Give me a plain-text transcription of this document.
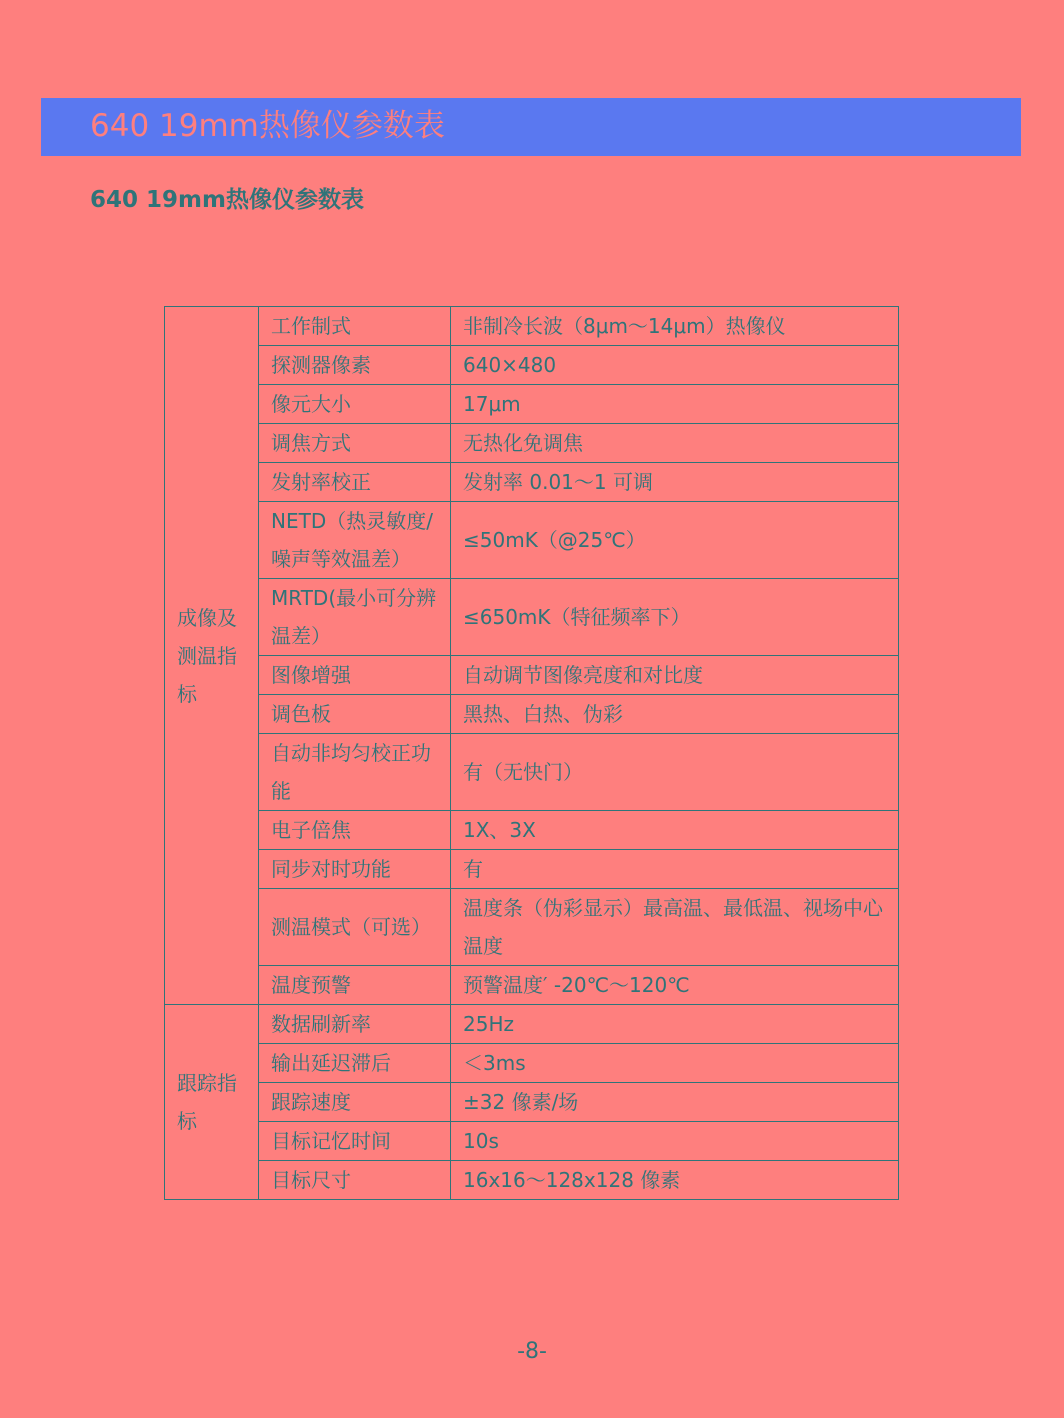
640 19mm热像仪参数表
640 19mm热像仪参数表
成像及测温指标	工作制式	非制冷长波（8μm～14μm）热像仪
	探测器像素	640×480
	像元大小	17μm
	调焦方式	无热化免调焦
	发射率校正	发射率 0.01～1 可调
	NETD（热灵敏度/噪声等效温差）	≤50mK（@25℃）
	MRTD(最小可分辨温差）	≤650mK（特征频率下）
	图像增强	自动调节图像亮度和对比度
	调色板	黑热、白热、伪彩
	自动非均匀校正功能	有（无快门）
	电子倍焦	1X、3X
	同步对时功能	有
	测温模式（可选）	温度条（伪彩显示）最高温、最低温、视场中心温度
	温度预警	预警温度′ -20℃～120℃
跟踪指标	数据刷新率	25Hz
	输出延迟滞后	＜3ms
	跟踪速度	±32 像素/场
	目标记忆时间	10s
	目标尺寸	16x16～128x128 像素
-8-
